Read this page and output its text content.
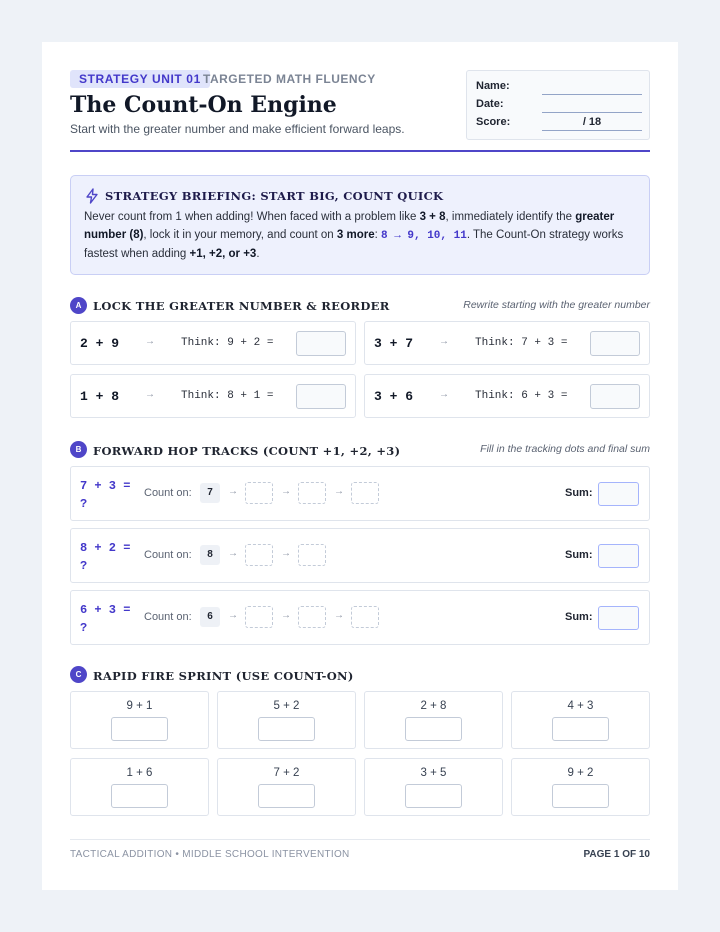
STRATEGY UNIT 01 TARGETED MATH FLUENCY
The Count-On Engine

Start with the greater number and make efficient forward leaps.

Name:
Date:
Score:	/ 18
STRATEGY BRIEFING: START BIG, COUNT QUICK

Never count from 1 when adding! When faced with a problem like 3 + 8, immediately identify the greater number (8), lock it in your memory, and count on 3 more: 8 → 9, 10, 11. The Count-On strategy works fastest when adding +1, +2, or +3.

A	LOCK THE GREATER NUMBER & REORDER	Rewrite starting with the greater number
2 + 9	→ Think: 9 + 2 =	3 + 7	→ Think: 7 + 3 =
1 + 8	→ Think: 8 + 1 =	3 + 6	→ Think: 6 + 3 =
B	FORWARD HOP TRACKS (COUNT +1, +2, +3)	Fill in the tracking dots and final sum
7 + 3 = ?
Count on:	7	→	→	→	Sum:
8 + 2 = ?
Count on:	8	→	→	Sum:
6 + 3 = ?
Count on:	6	→	→	→	Sum:
C	RAPID FIRE SPRINT (USE COUNT-ON)
9 + 1	5 + 2	2 + 8	4 + 3
1 + 6	7 + 2	3 + 5	9 + 2
TACTICAL ADDITION • MIDDLE SCHOOL INTERVENTION	PAGE 1 OF 10
